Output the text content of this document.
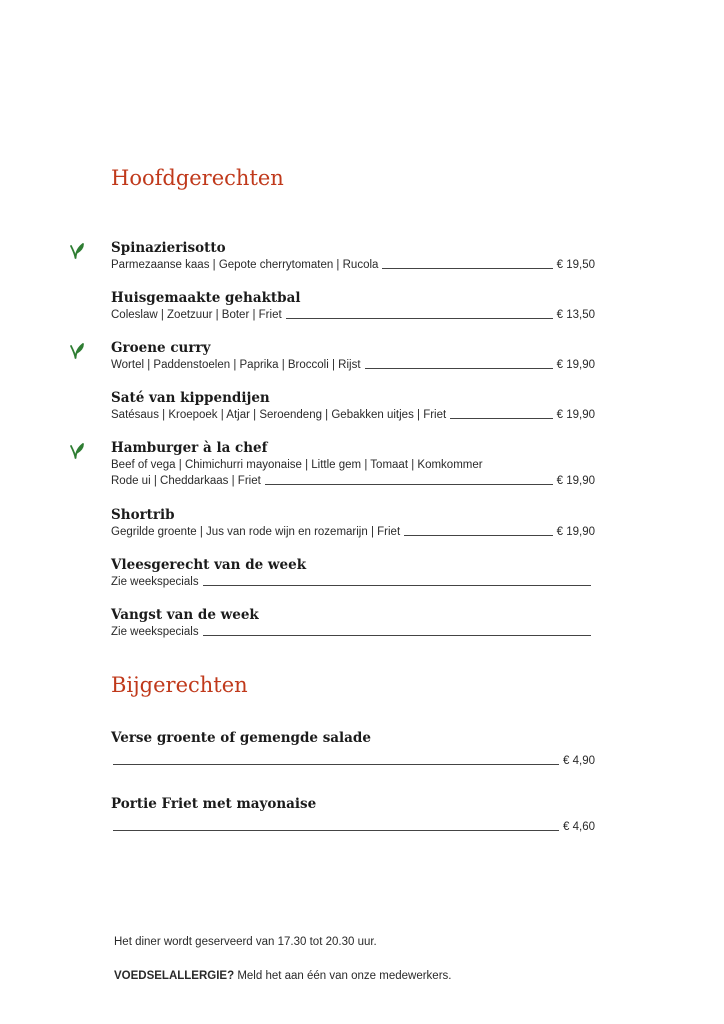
Hoofdgerechten
Spinazierisotto
Parmezaanse kaas | Gepote cherrytomaten | Rucola	€ 19,50
Huisgemaakte gehaktbal
Coleslaw | Zoetzuur | Boter | Friet	€ 13,50
Groene curry
Wortel | Paddenstoelen | Paprika | Broccoli | Rijst	€ 19,90
Saté van kippendijen
Satésaus | Kroepoek | Atjar | Seroendeng | Gebakken uitjes | Friet	€ 19,90
Hamburger à la chef
Beef of vega | Chimichurri mayonaise | Little gem | Tomaat | Komkommer
Rode ui | Cheddarkaas | Friet	€ 19,90
Shortrib
Gegrilde groente | Jus van rode wijn en rozemarijn | Friet	€ 19,90
Vleesgerecht van de week
Zie weekspecials
Vangst van de week
Zie weekspecials
Bijgerechten
Verse groente of gemengde salade
€ 4,90
Portie Friet met mayonaise
€ 4,60
Het diner wordt geserveerd van 17.30 tot 20.30 uur.
VOEDSELALLERGIE? Meld het aan één van onze medewerkers.
